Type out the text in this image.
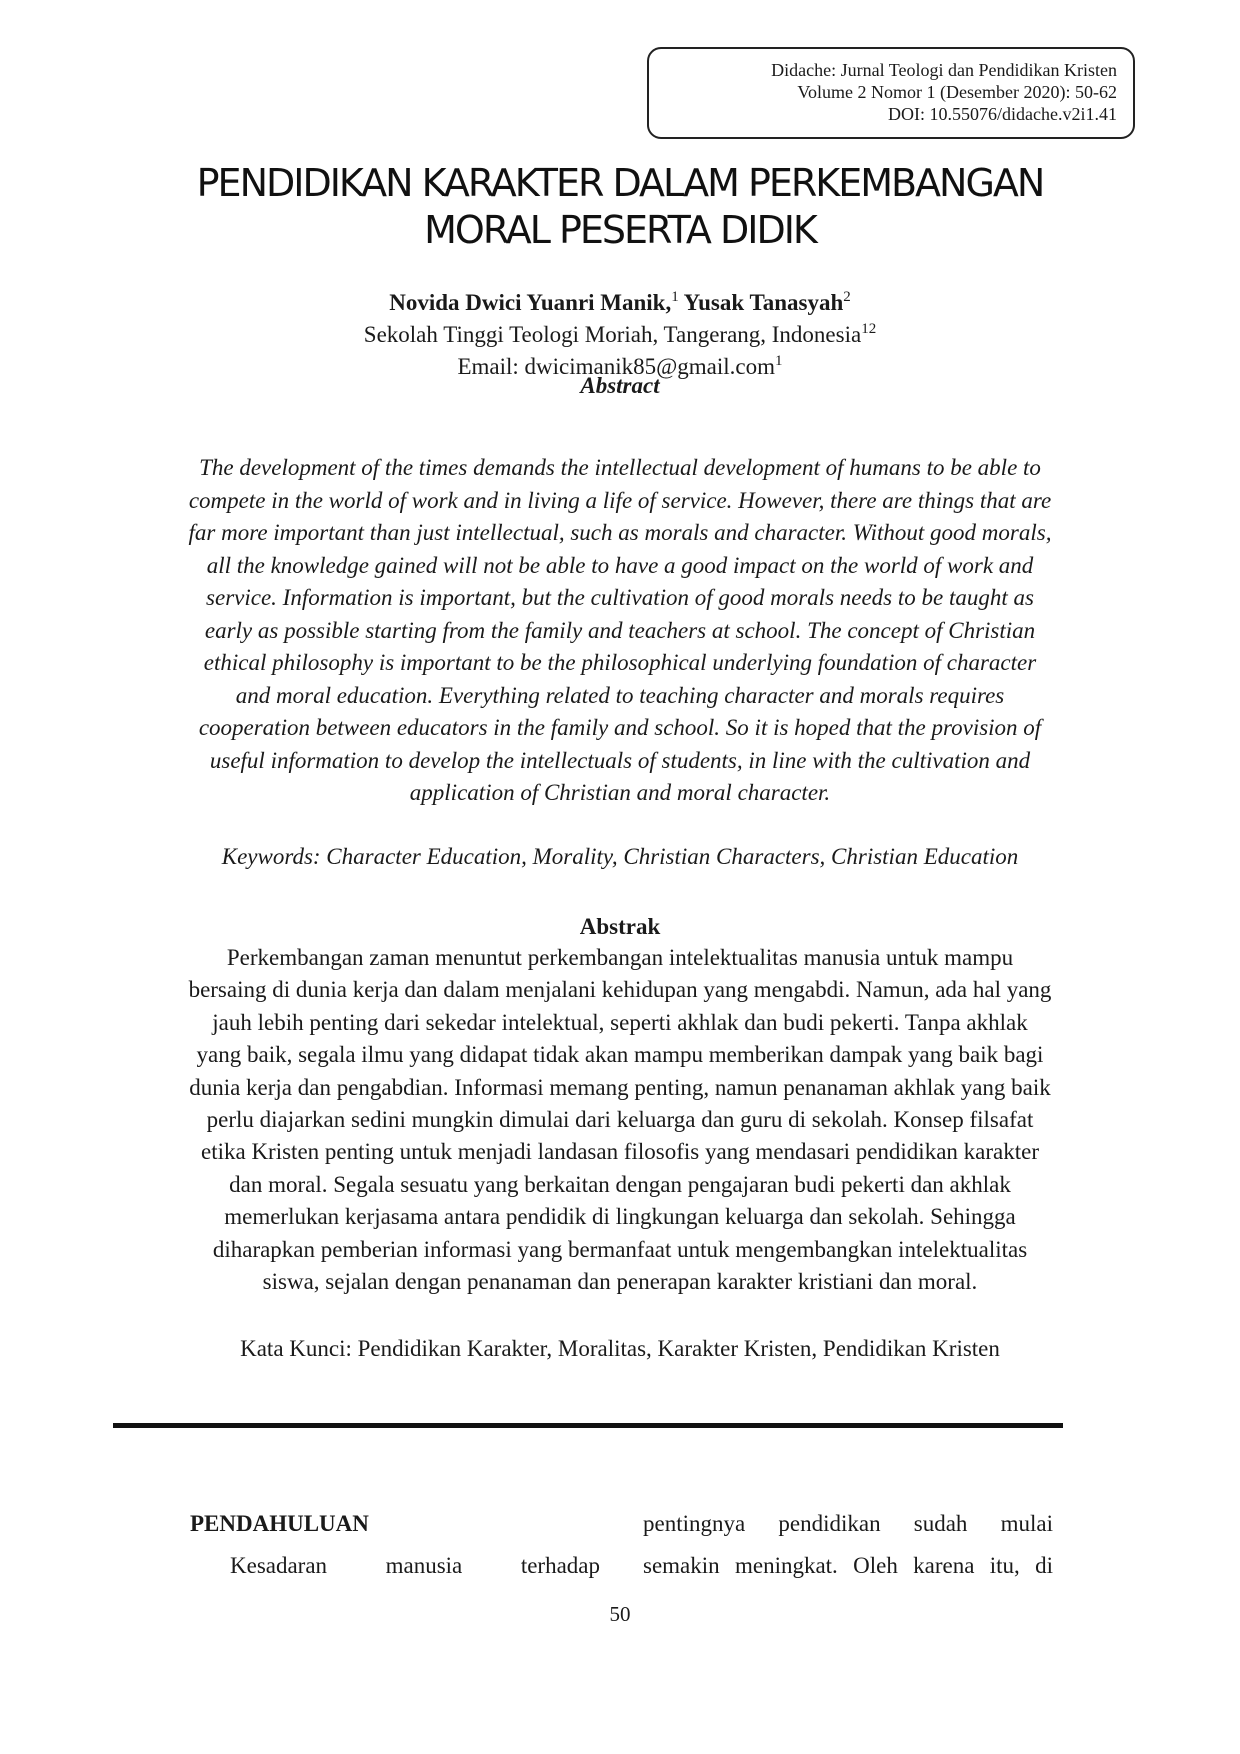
Didache: Jurnal Teologi dan Pendidikan Kristen
Volume 2 Nomor 1 (Desember 2020): 50-62
DOI: 10.55076/didache.v2i1.41
PENDIDIKAN KARAKTER DALAM PERKEMBANGAN
MORAL PESERTA DIDIK
Novida Dwici Yuanri Manik,$^1$ Yusak Tanasyah$^2$
Sekolah Tinggi Teologi Moriah, Tangerang, Indonesia$^{12}$
Email: dwicimanik85@gmail.com$^1$
Abstract
The development of the times demands the intellectual development of humans to be able to
compete in the world of work and in living a life of service. However, there are things that are
far more important than just intellectual, such as morals and character. Without good morals,
all the knowledge gained will not be able to have a good impact on the world of work and
service. Information is important, but the cultivation of good morals needs to be taught as
early as possible starting from the family and teachers at school. The concept of Christian
ethical philosophy is important to be the philosophical underlying foundation of character
and moral education. Everything related to teaching character and morals requires
cooperation between educators in the family and school. So it is hoped that the provision of
useful information to develop the intellectuals of students, in line with the cultivation and
application of Christian and moral character.
Keywords: Character Education, Morality, Christian Characters, Christian Education
Abstrak
Perkembangan zaman menuntut perkembangan intelektualitas manusia untuk mampu
bersaing di dunia kerja dan dalam menjalani kehidupan yang mengabdi. Namun, ada hal yang
jauh lebih penting dari sekedar intelektual, seperti akhlak dan budi pekerti. Tanpa akhlak
yang baik, segala ilmu yang didapat tidak akan mampu memberikan dampak yang baik bagi
dunia kerja dan pengabdian. Informasi memang penting, namun penanaman akhlak yang baik
perlu diajarkan sedini mungkin dimulai dari keluarga dan guru di sekolah. Konsep filsafat
etika Kristen penting untuk menjadi landasan filosofis yang mendasari pendidikan karakter
dan moral. Segala sesuatu yang berkaitan dengan pengajaran budi pekerti dan akhlak
memerlukan kerjasama antara pendidik di lingkungan keluarga dan sekolah. Sehingga
diharapkan pemberian informasi yang bermanfaat untuk mengembangkan intelektualitas
siswa, sejalan dengan penanaman dan penerapan karakter kristiani dan moral.
Kata Kunci: Pendidikan Karakter, Moralitas, Karakter Kristen, Pendidikan Kristen
PENDAHULUAN
Kesadaran	manusia	terhadap
pentingnya pendidikan sudah mulai
semakin meningkat. Oleh karena itu, di
50
